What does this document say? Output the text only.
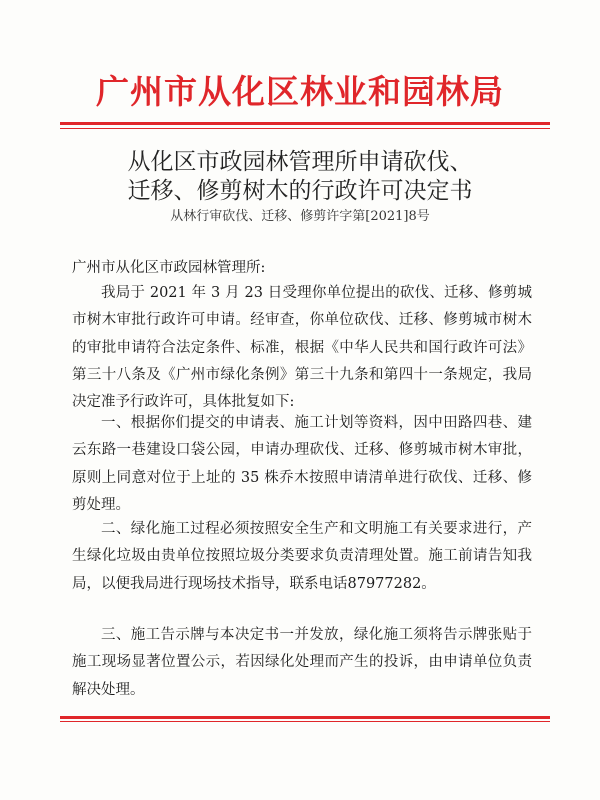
广州市从化区林业和园林局
从化区市政园林管理所申请砍伐、
迁移、修剪树木的行政许可决定书
从林行审砍伐、迁移、修剪许字第[2021]8号
广州市从化区市政园林管理所:

我局于 2021 年 3 月 23 日受理你单位提出的砍伐、迁移、修剪城市树木审批行政许可申请。经审查，你单位砍伐、迁移、修剪城市树木的审批申请符合法定条件、标准，根据《中华人民共和国行政许可法》第三十八条及《广州市绿化条例》第三十九条和第四十一条规定，我局决定准予行政许可，具体批复如下:

一、根据你们提交的申请表、施工计划等资料，因中田路四巷、建云东路一巷建设口袋公园，申请办理砍伐、迁移、修剪城市树木审批，原则上同意对位于上址的 35 株乔木按照申请清单进行砍伐、迁移、修剪处理。

二、绿化施工过程必须按照安全生产和文明施工有关要求进行，产生绿化垃圾由贵单位按照垃圾分类要求负责清理处置。施工前请告知我局，以便我局进行现场技术指导，联系电话87977282。

三、施工告示牌与本决定书一并发放，绿化施工须将告示牌张贴于施工现场显著位置公示，若因绿化处理而产生的投诉，由申请单位负责解决处理。
